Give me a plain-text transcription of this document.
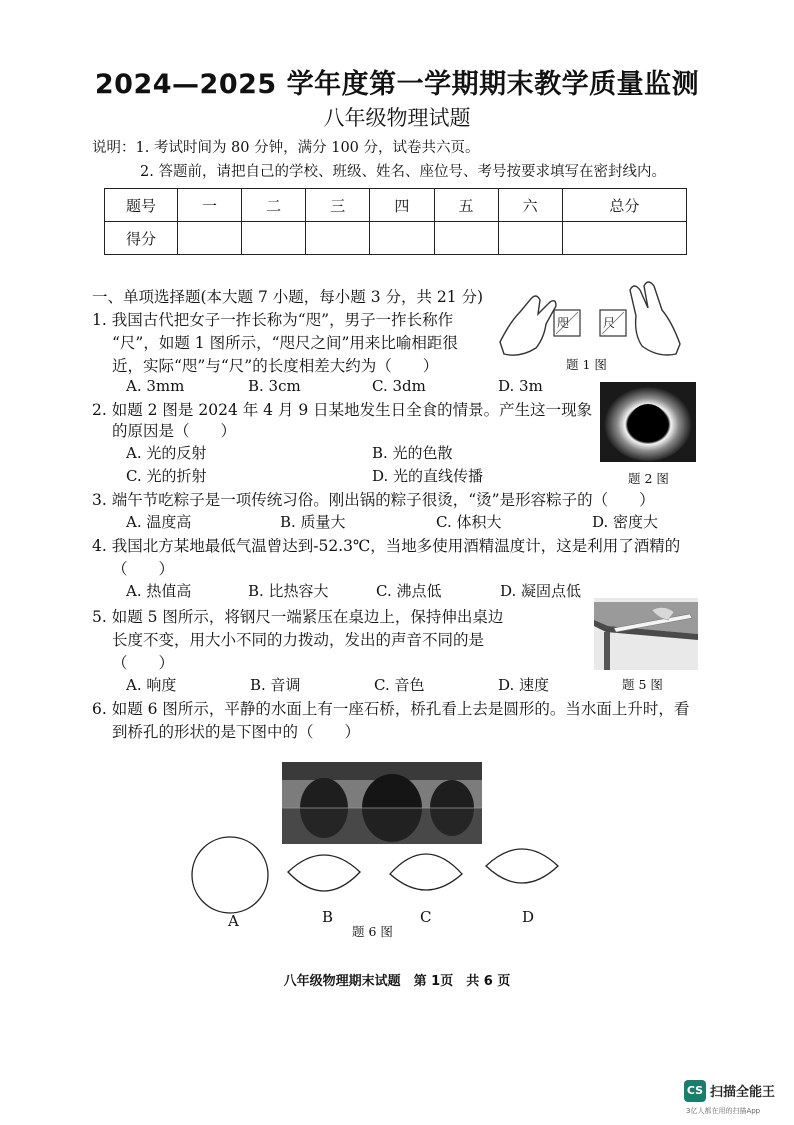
2024—2025 学年度第一学期期末教学质量监测
八年级物理试题
说明：1. 考试时间为 80 分钟，满分 100 分，试卷共六页。
2. 答题前，请把自己的学校、班级、姓名、座位号、考号按要求填写在密封线内。
题号	一	二	三	四	五	六	总分
得分							
一、单项选择题(本大题 7 小题，每小题 3 分，共 21 分)
1. 我国古代把女子一拃长称为“咫”，男子一拃长称作
“尺”，如题 1 图所示，“咫尺之间”用来比喻相距很
近，实际“咫”与“尺”的长度相差大约为（　　）
A. 3mm	B. 3cm	C. 3dm	D. 3m
咫	尺
题 1 图
2. 如题 2 图是 2024 年 4 月 9 日某地发生日全食的情景。产生这一现象
的原因是（　　）
A. 光的反射	B. 光的色散
C. 光的折射	D. 光的直线传播	题 2 图
3. 端午节吃粽子是一项传统习俗。刚出锅的粽子很烫，“烫”是形容粽子的（　　）
A. 温度高	B. 质量大	C. 体积大	D. 密度大
4. 我国北方某地最低气温曾达到-52.3℃，当地多使用酒精温度计，这是利用了酒精的
（　　）
A. 热值高	B. 比热容大	C. 沸点低	D. 凝固点低
5. 如题 5 图所示，将钢尺一端紧压在桌边上，保持伸出桌边
长度不变，用大小不同的力拨动，发出的声音不同的是
（　　）
A. 响度	B. 音调	C. 音色	D. 速度	题 5 图
6. 如题 6 图所示，平静的水面上有一座石桥，桥孔看上去是圆形的。当水面上升时，看
到桥孔的形状的是下图中的（　　）
A	B	C	D
题 6 图
八年级物理期末试题　第 1页　共 6 页
CS 扫描全能王
3亿人都在用的扫描App
